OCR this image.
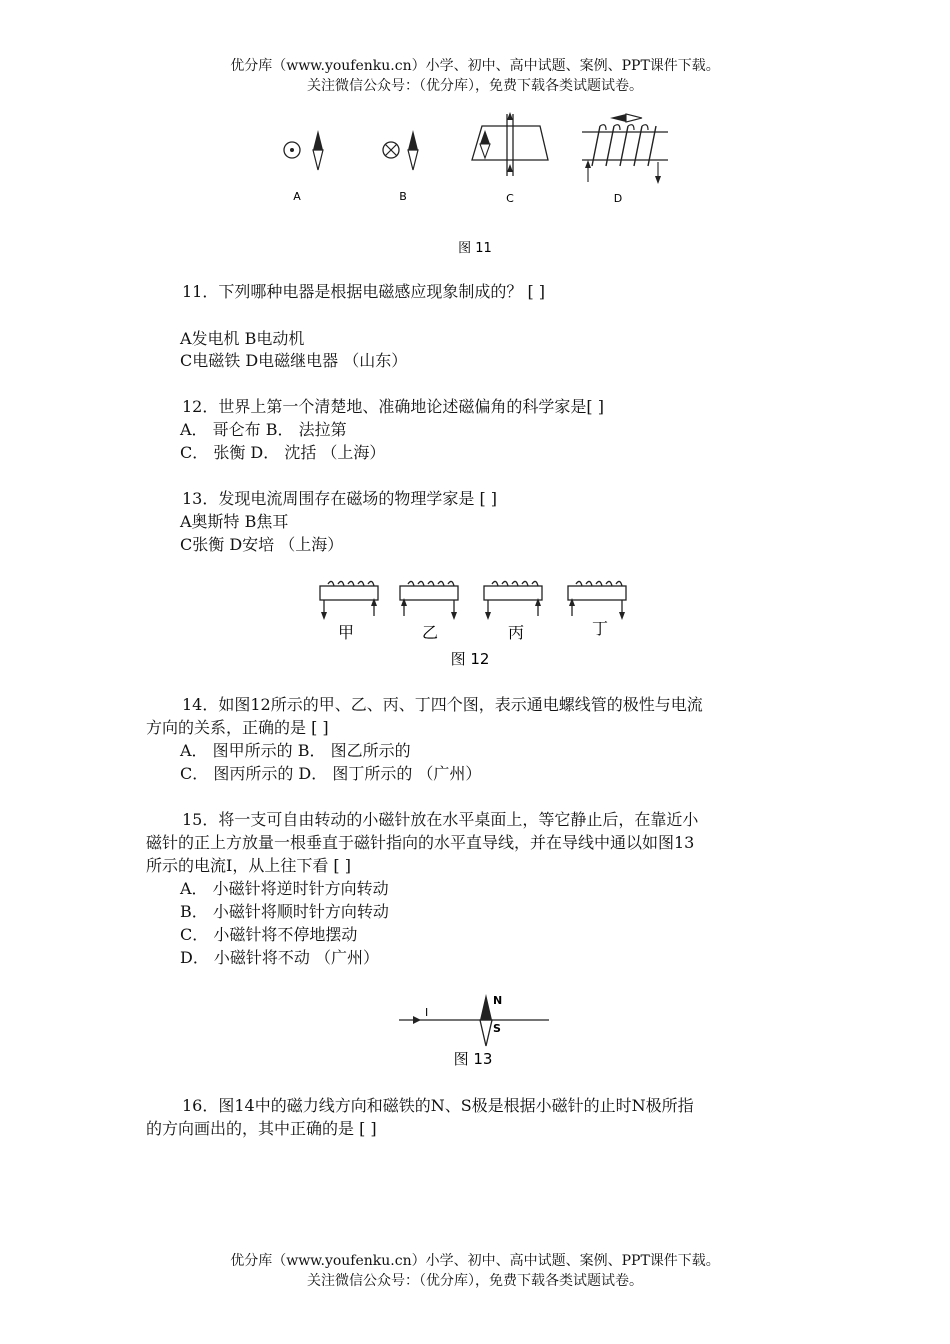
优分库（www.youfenku.cn）小学、初中、高中试题、案例、PPT课件下载。
关注微信公众号：（优分库），免费下载各类试题试卷。
A	B	C	D
图 11
11．下列哪种电器是根据电磁感应现象制成的？ [ ]
A发电机 B电动机
C电磁铁 D电磁继电器 （山东）
12．世界上第一个清楚地、准确地论述磁偏角的科学家是[ ]
A． 哥仑布 B． 法拉第
C． 张衡 D． 沈括 （上海）
13．发现电流周围存在磁场的物理学家是 [ ]
A奥斯特 B焦耳
C张衡 D安培 （上海）
甲	乙	丙	丁
图 12
14．如图12所示的甲、乙、丙、丁四个图，表示通电螺线管的极性与电流
方向的关系，正确的是 [ ]
A． 图甲所示的 B． 图乙所示的
C． 图丙所示的 D． 图丁所示的 （广州）
15．将一支可自由转动的小磁针放在水平桌面上，等它静止后，在靠近小
磁针的正上方放量一根垂直于磁针指向的水平直导线，并在导线中通以如图13
所示的电流I，从上往下看 [ ]
A． 小磁针将逆时针方向转动
B． 小磁针将顺时针方向转动
C． 小磁针将不停地摆动
D． 小磁针将不动 （广州）
I
N
S
图 13
16．图14中的磁力线方向和磁铁的N、S极是根据小磁针的止时N极所指
的方向画出的，其中正确的是 [ ]
优分库（www.youfenku.cn）小学、初中、高中试题、案例、PPT课件下载。
关注微信公众号：（优分库），免费下载各类试题试卷。
